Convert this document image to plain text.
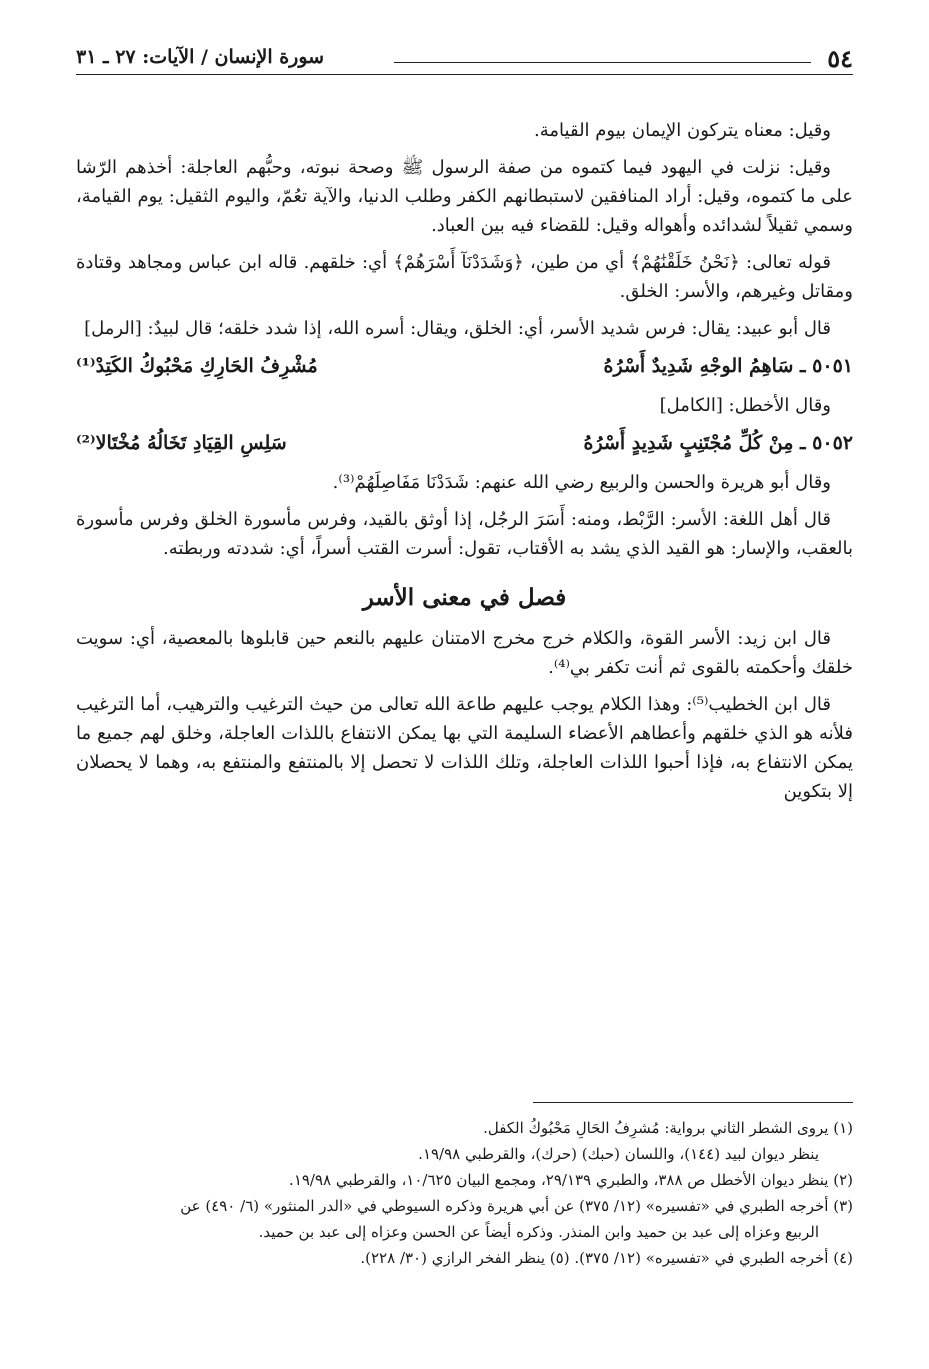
٥٤
سورة الإنسان / الآيات: ٢٧ ـ ٣١

وقيل: معناه يتركون الإيمان بيوم القيامة.

وقيل: نزلت في اليهود فيما كتموه من صفة الرسول ﷺ وصحة نبوته، وحبُّهم العاجلة: أخذهم الرّشا على ما كتموه، وقيل: أراد المنافقين لاستبطانهم الكفر وطلب الدنيا، والآية تعُمّ، واليوم الثقيل: يوم القيامة، وسمي ثقيلاً لشدائده وأهواله وقيل: للقضاء فيه بين العباد.

قوله تعالى: ﴿نَحْنُ خَلَقْنَٰهُمْ﴾ أي من طين، ﴿وَشَدَدْنَآ أَسْرَهُمْ﴾ أي: خلقهم. قاله ابن عباس ومجاهد وقتادة ومقاتل وغيرهم، والأسر: الخلق.

قال أبو عبيد: يقال: فرس شديد الأسر، أي: الخلق، ويقال: أسره الله، إذا شدد خلقه؛ قال لبيدٌ: [الرمل]

٥٠٥١ ـ سَاهِمُ الوجْهِ شَدِيدٌ أَسْرُهُ
مُشْرِفُ الحَارِكِ مَحْبُوكُ الكَتِدْ⁽¹⁾

وقال الأخطل: [الكامل]

٥٠٥٢ ـ مِنْ كُلِّ مُجْتَنِبٍ شَدِيدٍ أَسْرُهُ
سَلِسِ القِيَادِ تَخَالُهُ مُخْتَالا⁽²⁾

وقال أبو هريرة والحسن والربيع رضي الله عنهم: شَدَدْنَا مَفَاصِلَهُمْ⁽³⁾.

قال أهل اللغة: الأسر: الرَّبْط، ومنه: أَسَرَ الرجُل، إذا أوثق بالقيد، وفرس مأسورة الخلق وفرس مأسورة بالعقب، والإسار: هو القيد الذي يشد به الأقتاب، تقول: أسرت القتب أسراً، أي: شددته وربطته.

فصل في معنى الأسر

قال ابن زيد: الأسر القوة، والكلام خرج مخرج الامتنان عليهم بالنعم حين قابلوها بالمعصية، أي: سويت خلقك وأحكمته بالقوى ثم أنت تكفر بي⁽⁴⁾.

قال ابن الخطيب⁽⁵⁾: وهذا الكلام يوجب عليهم طاعة الله تعالى من حيث الترغيب والترهيب، أما الترغيب فلأنه هو الذي خلقهم وأعطاهم الأعضاء السليمة التي بها يمكن الانتفاع باللذات العاجلة، وخلق لهم جميع ما يمكن الانتفاع به، فإذا أحبوا اللذات العاجلة، وتلك اللذات لا تحصل إلا بالمنتفع والمنتفع به، وهما لا يحصلان إلا بتكوين

(١) يروى الشطر الثاني برواية: مُشرِفُ الحَالِ مَحْبُوكُ الكفل.

ينظر ديوان لبيد (١٤٤)، واللسان (حبك) (حرك)، والقرطبي ١٩/٩٨.

(٢) ينظر ديوان الأخطل ص ٣٨٨، والطبري ٢٩/١٣٩، ومجمع البيان ١٠/٦٢٥، والقرطبي ١٩/٩٨.

(٣) أخرجه الطبري في «تفسيره» (١٢/ ٣٧٥) عن أبي هريرة وذكره السيوطي في «الدر المنثور» (٦/ ٤٩٠) عن

الربيع وعزاه إلى عبد بن حميد وابن المنذر. وذكره أيضاً عن الحسن وعزاه إلى عبد بن حميد.

(٤) أخرجه الطبري في «تفسيره» (١٢/ ٣٧٥). (٥) ينظر الفخر الرازي (٣٠/ ٢٢٨).
